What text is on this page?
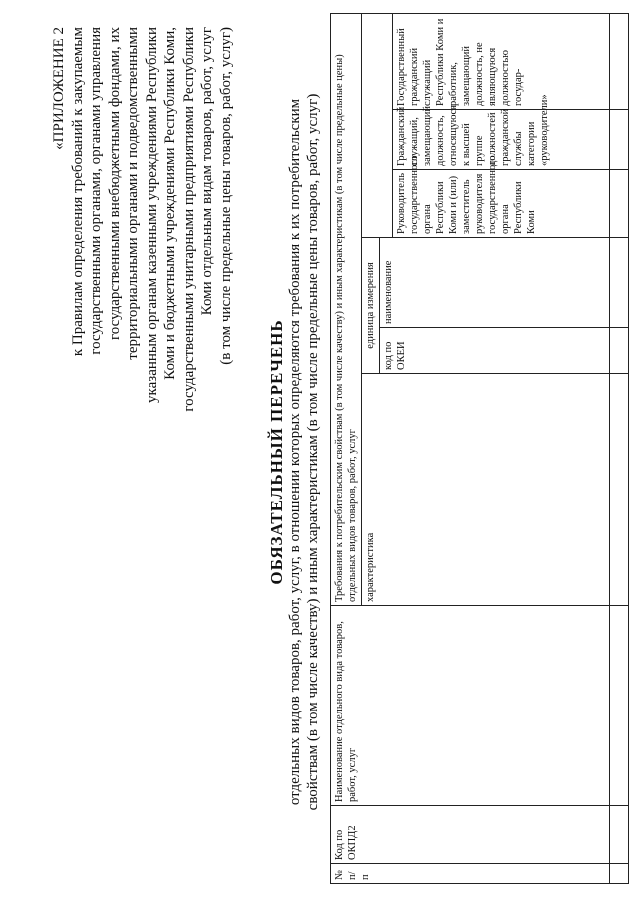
«ПРИЛОЖЕНИЕ 2 к Правилам определения требований к закупаемым государственными органами, органами управления государственными внебюджетными фондами, их территориальными органами и подведомственными указанным органам казенными учреждениями Республики Коми и бюджетными учреждениями Республики Коми, государственными унитарными предприятиями Республики Коми отдельным видам товаров, работ, услуг (в том числе предельные цены товаров, работ, услуг)
ОБЯЗАТЕЛЬНЫЙ ПЕРЕЧЕНЬ отдельных видов товаров, работ, услуг, в отношении которых определяются требования к их потребительским свойствам (в том числе качеству) и иным характеристикам (в том числе предельные цены товаров, работ, услуг)
№ п/п	Код по ОКПД2	Наименование отдельного вида товаров, работ, услуг	Требования к потребительским свойствам (в том числе качеству) и иным характеристикам (в том числе предельные цены) отдельных видов товаров, работ, услуг					
			характеристика	единица измерения				
				код по ОКЕИ	наименование			
						Руководитель государственного органа Республики Коми и (или) заместитель руководителя государственного органа Республики Коми	Гражданский служащий, замещающий должность, относящуюся к высшей группе должностей гражданской службы категории «руководители»	Государственный гражданский служащий Республики Коми и работник, замещающий должность, не являющуюся должностью государ-
